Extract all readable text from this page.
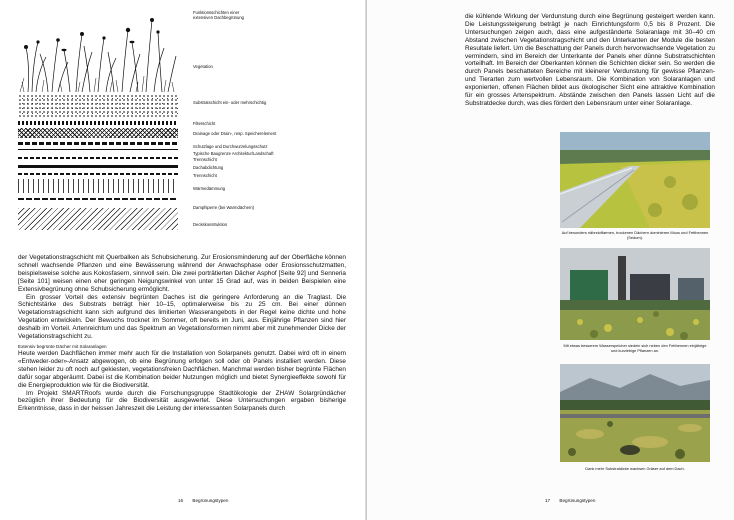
Funktionsschichten einer
extensiven Dachbegrünung
Vegetation
Substratschicht ein- oder mehrschichtig
Filterschicht
Drainage oder Drain-, resp. Speicherelement
Schutzlage und Durchwurzelungsschutz
Typische Baugrenze Architektur/Landschaft
Trennschicht
Dachabdichtung
Trennschicht
Wärmedämmung
Dampfsperre (bei Warmdächern)
Deckskonstruktion

der Vegetationstragschicht mit Querbalken als Schubsicherung. Zur Erosionsminderung auf der Oberfläche können schnell wachsende Pflanzen und eine Bewässerung während der Anwachsphase oder Erosionsschutzmatten, beispielsweise solche aus Kokosfasern, sinnvoll sein. Die zwei porträtierten Dächer Asphof [Seite 92] und Senneria [Seite 101] weisen einen eher geringen Neigungswinkel von unter 15 Grad auf, was in beiden Beispielen eine Extensivbegrünung ohne Schubsicherung ermöglicht.

Ein grosser Vorteil des extensiv begrünten Daches ist die geringere Anforderung an die Traglast. Die Schichtstärke des Substrats beträgt hier 10–15, optimalerweise bis zu 25 cm. Bei einer dünnen Vegetationstragschicht kann sich aufgrund des limitierten Wasserangebots in der Regel keine dichte und hohe Vegetation entwickeln. Der Bewuchs trocknet im Sommer, oft bereits im Juni, aus. Einjährige Pflanzen sind hier deshalb im Vorteil. Artenreichtum und das Spektrum an Vegetationsformen nimmt aber mit zunehmender Dicke der Vegetationstragschicht zu.

Extensiv begrünte Dächer mit Solaranlagen

Heute werden Dachflächen immer mehr auch für die Installation von Solarpanels genutzt. Dabei wird oft in einem «Entweder-oder»-Ansatz abgewogen, ob eine Begrünung erfolgen soll oder ob Panels installiert werden. Diese stehen leider zu oft noch auf gekiesten, vegetationsfreien Dachflächen. Manchmal werden bisher begrünte Flächen dafür sogar abgeräumt. Dabei ist die Kombination beider Nutzungen möglich und bietet Synergieeffekte sowohl für die Energieproduktion wie für die Biodiversität.

Im Projekt SMARTRoofs wurde durch die Forschungsgruppe Stadtökologie der ZHAW Solargründächer bezüglich ihrer Bedeutung für die Biodiversität ausgewertet. Diese Untersuchungen ergaben bisherige Erkenntnisse, dass in der heissen Jahreszeit die Leistung der interessanten Solarpanels durch

16 Begrünungstypen

die kühlende Wirkung der Verdunstung durch eine Begrünung gesteigert werden kann. Die Leistungssteigerung beträgt je nach Einrichtungsform 0,5 bis 8 Prozent. Die Untersuchungen zeigen auch, dass eine aufgeständerte Solaranlage mit 30–40 cm Abstand zwischen Vegetationstragschicht und den Unterkanten der Module die besten Resultate liefert. Um die Beschattung der Panels durch hervorwachsende Vegetation zu vermindern, sind im Bereich der Unterkante der Panels eher dünne Substratschichten vorteilhaft. Im Bereich der Oberkanten können die Schichten dicker sein. So werden die durch Panels beschatteten Bereiche mit kleinerer Verdunstung für gewisse Pflanzen- und Tierarten zum wertvollen Lebensraum. Die Kombination von Solaranlagen und exponierten, offenen Flächen bildet aus ökologischer Sicht eine attraktive Kombination für ein grosses Artenspektrum. Abstände zwischen den Panels lassen Licht auf die Substratdecke durch, was dies fördert den Lebensraum unter einer Solaranlage.

Auf besonders nährstoffarmen, trockenen Dächern dominieren Moos und Fetthennen (Sedum).
Mit etwas besserem Wasserspeicher siedeln sich neben den Fetthennen einjährige und kurzlebige Pflanzen an.
Dank mehr Substratdicke wachsen Gräser auf dem Dach.
17 Begrünungstypen
